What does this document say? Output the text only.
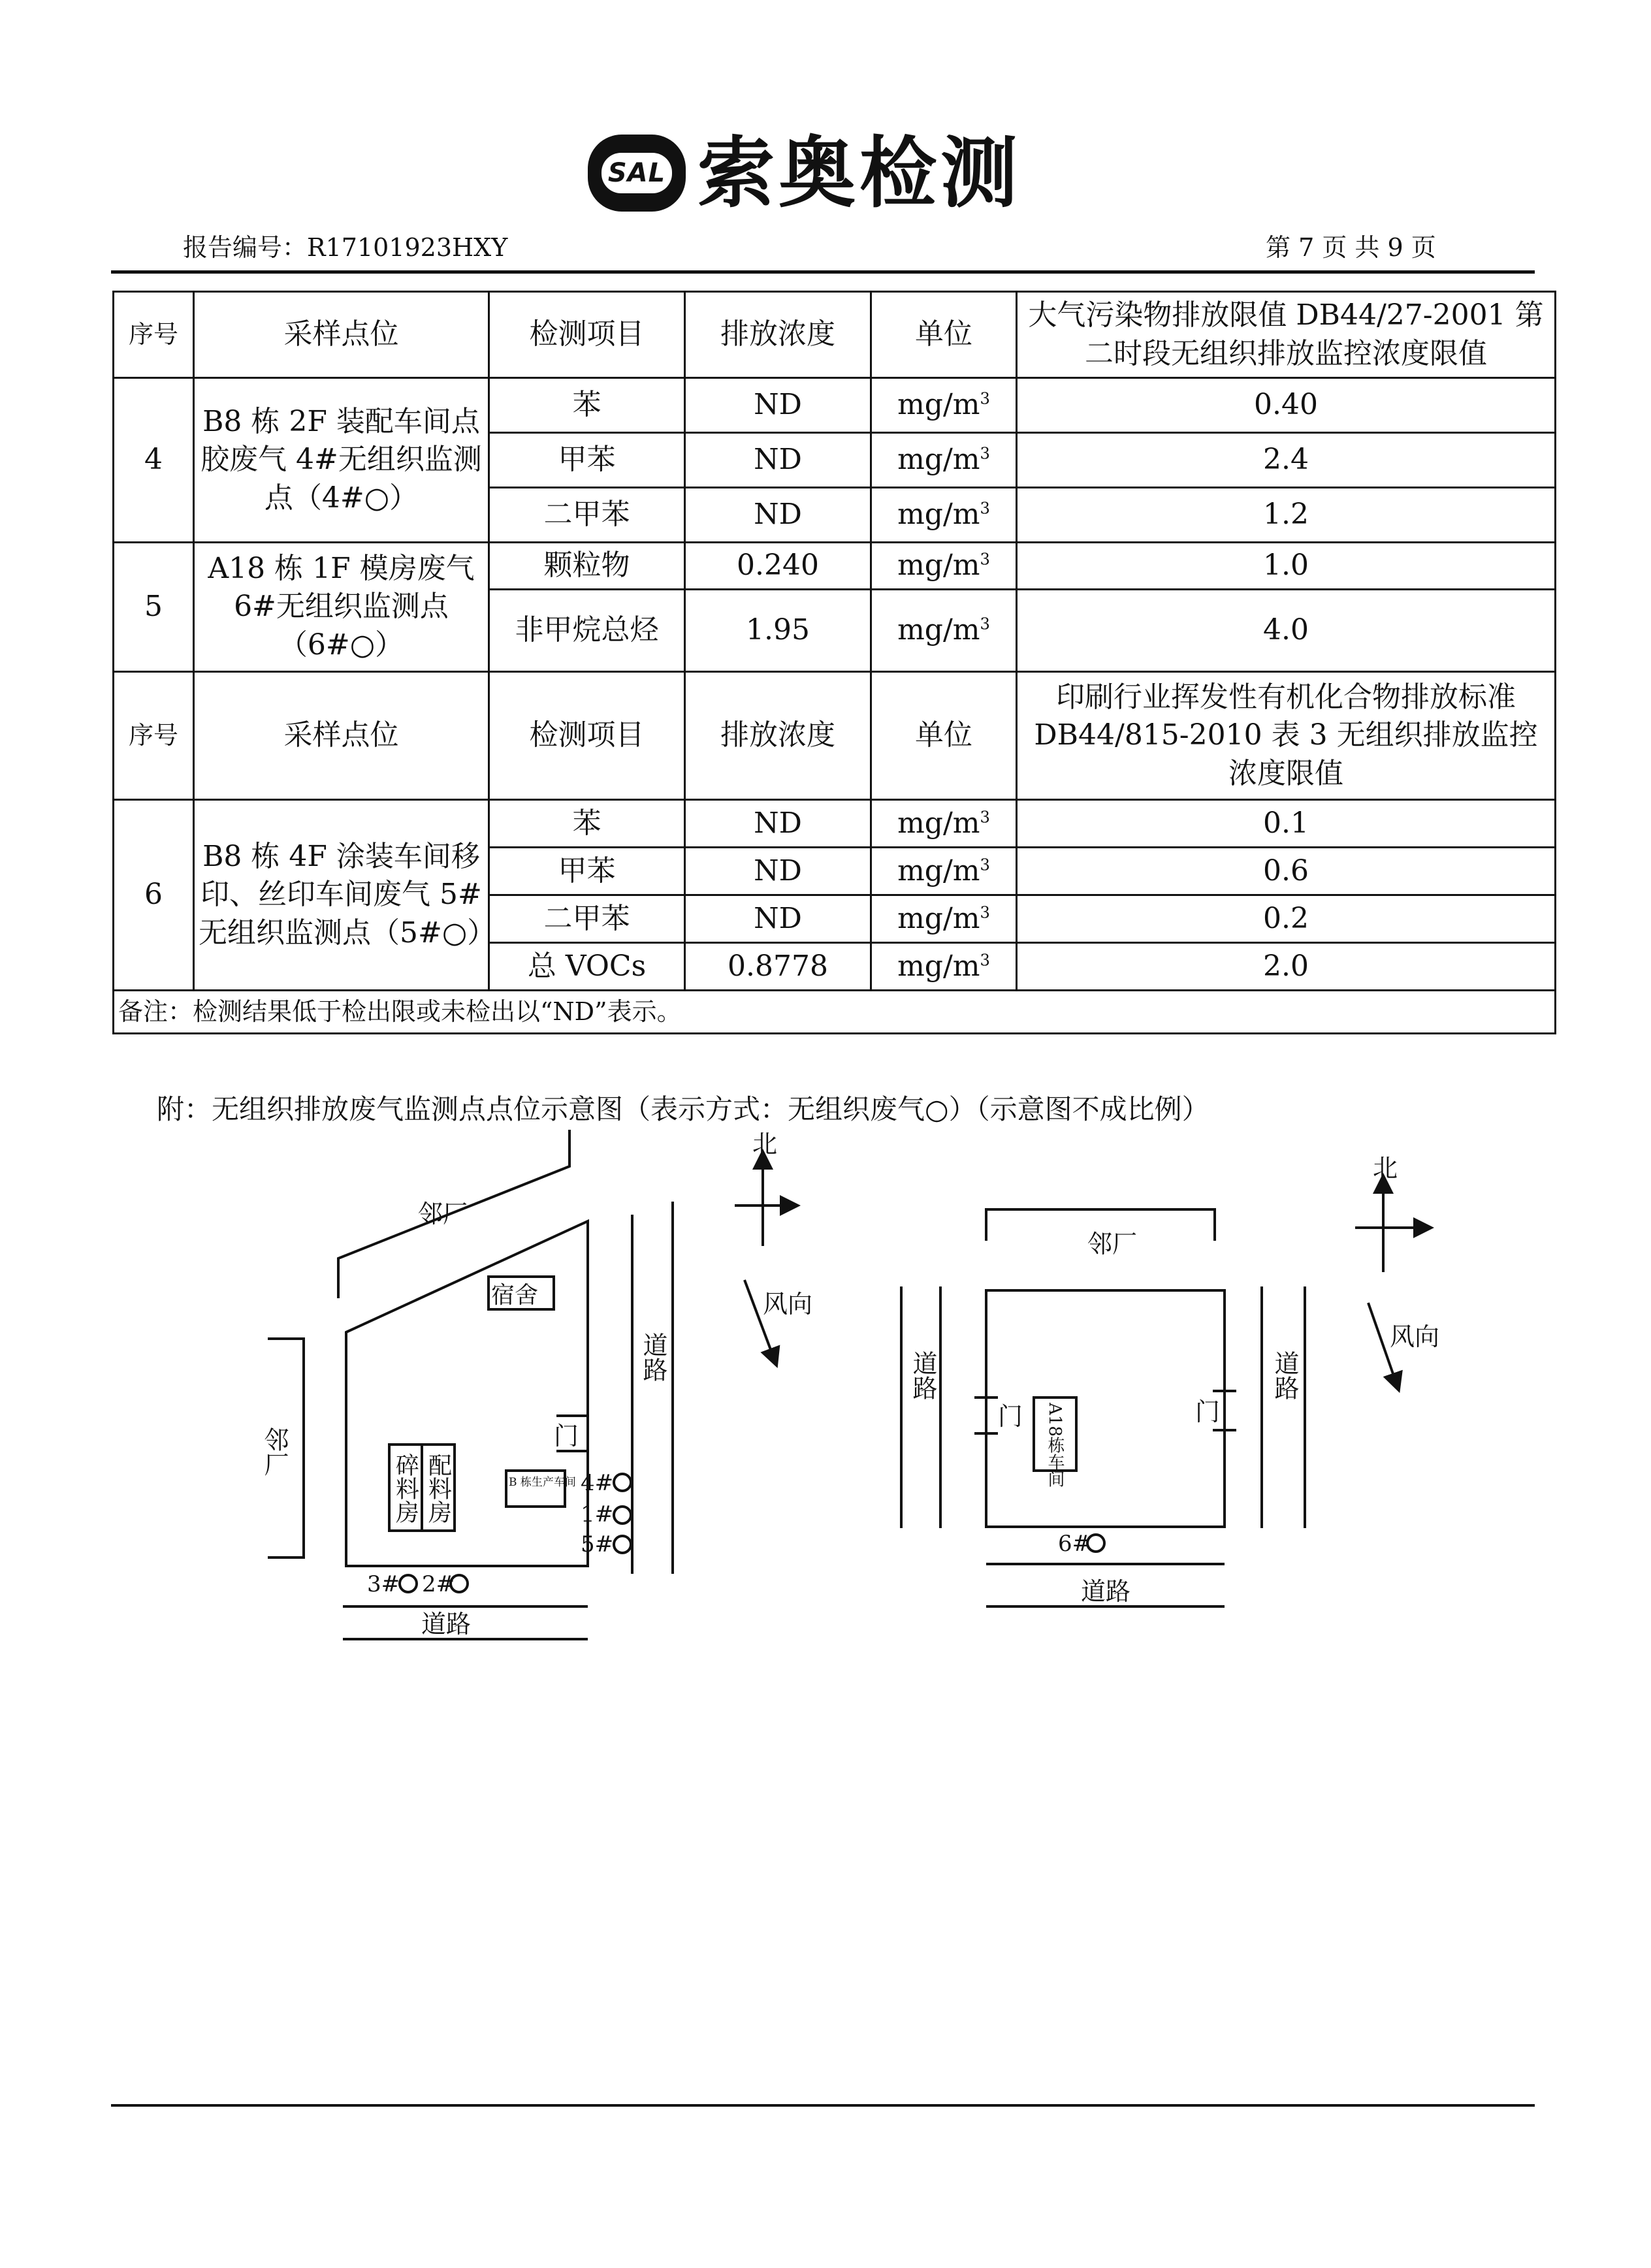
SAL 索奥检测
报告编号：R17101923HXY	第 7 页 共 9 页
序号	采样点位	检测项目	排放浓度	单位	大气污染物排放限值 DB44/27-2001 第二时段无组织排放监控浓度限值
4	B8 栋 2F 装配车间点胶废气 4#无组织监测点（4#○）	苯	ND	$mg/m^3$	0.40
		甲苯	ND	$mg/m^3$	2.4
		二甲苯	ND	$mg/m^3$	1.2
5	A18 栋 1F 模房废气 6#无组织监测点（6#○）	颗粒物	0.240	$mg/m^3$	1.0
		非甲烷总烃	1.95	$mg/m^3$	4.0
序号	采样点位	检测项目	排放浓度	单位	印刷行业挥发性有机化合物排放标准 DB44/815-2010 表 3 无组织排放监控浓度限值
6	B8 栋 4F 涂装车间移印、丝印车间废气 5#无组织监测点（5#○）	苯	ND	$mg/m^3$	0.1
		甲苯	ND	$mg/m^3$	0.6
		二甲苯	ND	$mg/m^3$	0.2
		总 VOCs	0.8778	$mg/m^3$	2.0
备注：检测结果低于检出限或未检出以“ND”表示。					
附：无组织排放废气监测点点位示意图（表示方式：无组织废气○）（示意图不成比例）
北
风向
邻厂
邻厂
宿舍
道路
道路
门
碎料房 配料房	B 栋生产车间 4#
1#
5#
3# 2#
北
风向
邻厂
道路	道路
道路
门	门
A18栋车间
6#
